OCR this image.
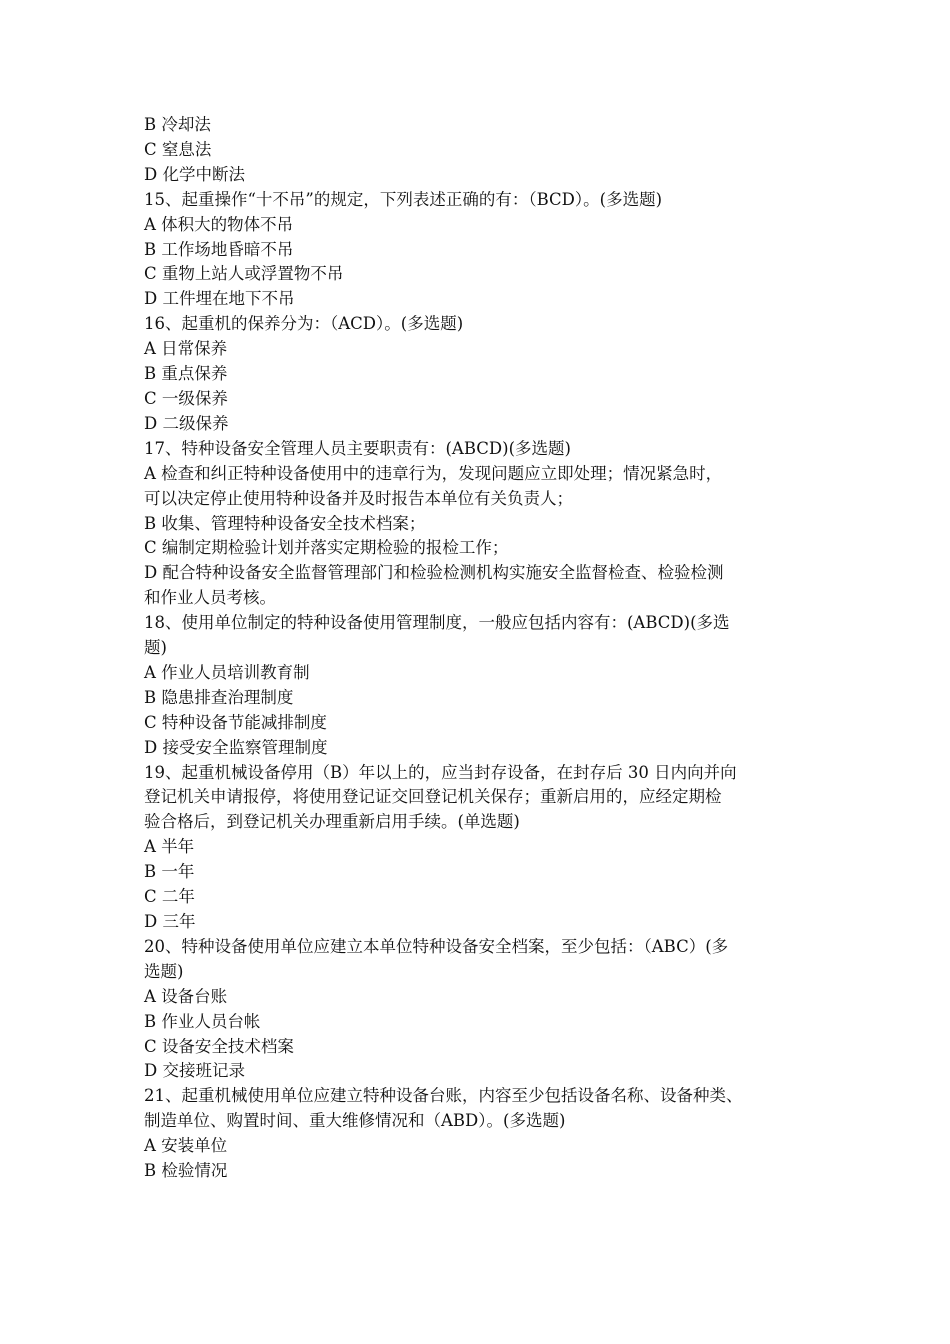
B 冷却法

C 窒息法

D 化学中断法

15、起重操作“十不吊”的规定，下列表述正确的有：（BCD）。(多选题)

A 体积大的物体不吊

B 工作场地昏暗不吊

C 重物上站人或浮置物不吊

D 工件埋在地下不吊

16、起重机的保养分为：（ACD）。(多选题)

A 日常保养

B 重点保养

C 一级保养

D 二级保养

17、特种设备安全管理人员主要职责有：(ABCD)(多选题)

A 检查和纠正特种设备使用中的违章行为，发现问题应立即处理；情况紧急时，

可以决定停止使用特种设备并及时报告本单位有关负责人；

B 收集、管理特种设备安全技术档案；

C 编制定期检验计划并落实定期检验的报检工作；

D 配合特种设备安全监督管理部门和检验检测机构实施安全监督检查、检验检测

和作业人员考核。

18、使用单位制定的特种设备使用管理制度，一般应包括内容有：(ABCD)(多选

题)

A 作业人员培训教育制

B 隐患排查治理制度

C 特种设备节能减排制度

D 接受安全监察管理制度

19、起重机械设备停用（B）年以上的，应当封存设备，在封存后 30 日内向并向

登记机关申请报停，将使用登记证交回登记机关保存；重新启用的，应经定期检

验合格后，到登记机关办理重新启用手续。(单选题)

A 半年

B 一年

C 二年

D 三年

20、特种设备使用单位应建立本单位特种设备安全档案，至少包括：（ABC）(多

选题)

A 设备台账

B 作业人员台帐

C 设备安全技术档案

D 交接班记录

21、起重机械使用单位应建立特种设备台账，内容至少包括设备名称、设备种类、

制造单位、购置时间、重大维修情况和（ABD）。(多选题)

A 安装单位

B 检验情况
